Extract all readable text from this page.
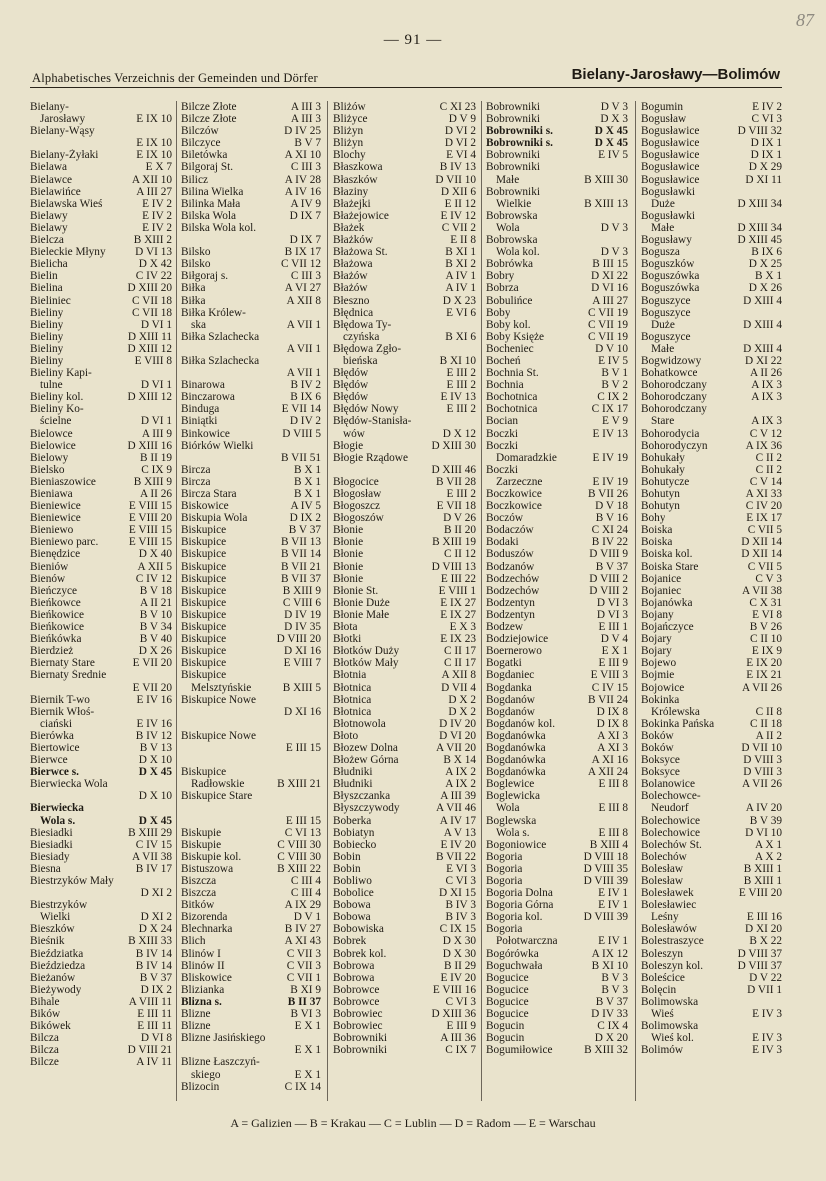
— 91 —
87
Alphabetisches Verzeichnis der Gemeinden und Dörfer	Bielany-Jarosławy—Bolimów
Bielany-
Jarosławy	E IX 10
Bielany-Wąsy
E IX 10
Bielany-Żyłaki	E IX 10
Bielawa	E X 7
Bielawce	A XII 10
Bielawińce	A III 27
Bielawska Wieś	E IV 2
Bielawy	E IV 2
Bielawy	E IV 2
Bielcza	B XIII 2
Bieleckie Młyny	D VI 13
Bielicha	D X 42
Bielin	C IV 22
Bielina	D XIII 20
Bieliniec	C VII 18
Bieliny	C VII 18
Bieliny	D VI 1
Bieliny	D XIII 11
Bieliny	D XIII 12
Bieliny	E VIII 8
Bieliny Kapi-
tulne	D VI 1
Bieliny kol.	D XIII 12
Bieliny Ko-
ścielne	D VI 1
Bielowce	A III 9
Bielowice	D XIII 16
Bielowy	B II 19
Bielsko	C IX 9
Bieniaszowice	B XIII 9
Bieniawa	A II 26
Bieniewice	E VIII 15
Bieniewice	E VIII 20
Bieniewo	E VIII 15
Bieniewo parc.	E VIII 15
Bienędzice	D X 40
Bieniów	A XII 5
Bienów	C IV 12
Bieńczyce	B V 18
Bieńkowce	A II 21
Bieńkowice	B V 10
Bieńkowice	B V 34
Bieńkówka	B V 40
Bierdzież	D X 26
Biernaty Stare	E VII 20
Biernaty Średnie
E VII 20
Biernik T-wo	E IV 16
Biernik Włoś-
ciański	E IV 16
Bierówka	B IV 12
Biertowice	B V 13
Bierwce	D X 10
Bierwce s.	D X 45
Bierwiecka Wola
D X 10
Bierwiecka
Wola s.	D X 45
Biesiadki	B XIII 29
Biesiadki	C IV 15
Biesiady	A VII 38
Biesna	B IV 17
Biestrzyków Mały
D XI 2
Biestrzyków
Wielki	D XI 2
Bieszków	D X 24
Bieśnik	B XIII 33
Bieździatka	B IV 14
Bieździedza	B IV 14
Bieżanów	B V 37
Bieżywody	D IX 2
Bihale	A VIII 11
Bików	E III 11
Bikówek	E III 11
Bilcza	D VI 8
Bilcza	D VIII 21
Bilcze	A IV 11
Bilcze Złote	A III 3
Bilcze Złote	A III 3
Bilczów	D IV 25
Bilczyce	B V 7
Biletówka	A XI 10
Bilgoraj St.	C III 3
Bilicz	A IV 28
Bilina Wielka	A IV 16
Bilinka Mała	A IV 9
Bilska Wola	D IX 7
Bilska Wola kol.
D IX 7
Bilsko	B IX 17
Bilsko	C VII 12
Biłgoraj s.	C III 3
Biłka	A VI 27
Biłka	A XII 8
Biłka Królew-
ska	A VII 1
Biłka Szlachecka
A VII 1
Biłka Szlachecka
A VII 1
Binarowa	B IV 2
Binczarowa	B IX 6
Binduga	E VII 14
Biniątki	D IV 2
Binkowice	D VIII 5
Biórków Wielki
B VII 51
Bircza	B X 1
Bircza	B X 1
Bircza Stara	B X 1
Biskowice	A IV 5
Biskupia Wola	D IX 2
Biskupice	B V 37
Biskupice	B VII 13
Biskupice	B VII 14
Biskupice	B VII 21
Biskupice	B VII 37
Biskupice	B XIII 9
Biskupice	C VIII 6
Biskupice	D IV 19
Biskupice	D IV 35
Biskupice	D VIII 20
Biskupice	D XI 16
Biskupice	E VIII 7
Biskupice
Melsztyńskie	B XIII 5
Biskupice Nowe
D XI 16

Biskupice Nowe
E III 15

Biskupice
Radłowskie	B XIII 21
Biskupice Stare

E III 15
Biskupie	C VI 13
Biskupie	C VIII 30
Biskupie kol.	C VIII 30
Bistuszowa	B XIII 22
Biszcza	C III 4
Biszcza	C III 4
Bitków	A IX 29
Bizorenda	D V 1
Blechnarka	B IV 27
Blich	A XI 43
Blinów I	C VII 3
Blinów II	C VII 3
Bliskowice	C VII 1
Blizianka	B XI 9
Blizna s.	B II 37
Blizne	B VI 3
Blizne	E X 1
Blizne Jasińskiego
E X 1
Blizne Łaszczyń-
skiego	E X 1
Blizocin	C IX 14
Bliżów	C XI 23
Bliżyce	D V 9
Bliżyn	D VI 2
Bliżyn	D VI 2
Blochy	E VI 4
Błaszkowa	B IV 13
Błaszków	D VII 10
Błaziny	D XII 6
Błażejki	E II 12
Błażejowice	E IV 12
Błażek	C VII 2
Błażków	E II 8
Błażowa St.	B XI 1
Błażowa	B XI 2
Błażów	A IV 1
Błażów	A IV 1
Błeszno	D X 23
Błędnica	E VI 6
Błędowa Ty-
czyńska	B XI 6
Błędowa Zgło-
bieńska	B XI 10
Błędów	E III 2
Błędów	E III 2
Błędów	E IV 13
Błędów Nowy	E III 2
Błędów-Stanisła-
wów	D X 12
Błogie	D XIII 30
Błogie Rządowe
D XIII 46
Błogocice	B VII 28
Błogosław	E III 2
Błogoszcz	E VII 18
Błogoszów	D V 26
Błonie	B II 20
Błonie	B XIII 19
Błonie	C II 12
Błonie	D VIII 13
Błonie	E III 22
Błonie St.	E VIII 1
Błonie Duże	E IX 27
Błonie Małe	E IX 27
Błota	E X 3
Błotki	E IX 23
Błotków Duży	C II 17
Błotków Mały	C II 17
Błotnia	A XII 8
Błotnica	D VII 4
Błotnica	D X 2
Błotnica	D X 2
Błotnowola	D IV 20
Błoto	D VI 20
Błozew Dolna	A VII 20
Błożew Górna	B X 14
Błudniki	A IX 2
Błudniki	A IX 2
Błyszczanka	A III 39
Błyszczywody	A VII 46
Boberka	A IV 17
Bobiatyn	A V 13
Bobiecko	E IV 20
Bobin	B VII 22
Bobin	E VI 3
Bobliwo	C VI 3
Bobolice	D XI 15
Bobowa	B IV 3
Bobowa	B IV 3
Bobowiska	C IX 15
Bobrek	D X 30
Bobrek kol.	D X 30
Bobrowa	B II 29
Bobrowa	E IV 20
Bobrowce	E VIII 16
Bobrowce	C VI 3
Bobrowiec	D XIII 36
Bobrowiec	E III 9
Bobrowniki	A III 36
Bobrowniki	C IX 7
Bobrowniki	D V 3
Bobrowniki	D X 3
Bobrowniki s.	D X 45
Bobrowniki s.	D X 45
Bobrowniki	E IV 5
Bobrowniki
Małe	B XIII 30
Bobrowniki
Wielkie	B XIII 13
Bobrowska
Wola	D V 3
Bobrowska
Wola kol.	D V 3
Bobrówka	B III 15
Bobry	D XI 22
Bobrza	D VI 16
Bobulińce	A III 27
Boby	C VII 19
Boby kol.	C VII 19
Boby Księże	C VII 19
Bocheniec	D V 10
Bocheń	E IV 5
Bochnia St.	B V 1
Bochnia	B V 2
Bochotnica	C IX 2
Bochotnica	C IX 17
Bocian	E V 9
Boczki	E IV 13
Boczki
Domaradzkie	E IV 19
Boczki
Zarzeczne	E IV 19
Boczkowice	B VII 26
Boczkowice	D V 18
Boczów	B V 16
Bodaczów	C XI 24
Bodaki	B IV 22
Boduszów	D VIII 9
Bodzanów	B V 37
Bodzechów	D VIII 2
Bodzechów	D VIII 2
Bodzentyn	D VI 3
Bodzentyn	D VI 3
Bodzew	E III 1
Bodziejowice	D V 4
Boernerowo	E X 1
Bogatki	E III 9
Bogdaniec	E VIII 3
Bogdanka	C IV 15
Bogdanów	B VII 24
Bogdanów	D IX 8
Bogdanów kol.	D IX 8
Bogdanówka	A XI 3
Bogdanówka	A XI 3
Bogdanówka	A XI 16
Bogdanówka	A XII 24
Boglewice	E III 8
Boglewicka
Wola	E III 8
Boglewska
Wola s.	E III 8
Bogoniowice	B XIII 4
Bogoria	D VIII 18
Bogoria	D VIII 35
Bogoria	D VIII 39
Bogoria Dolna	E IV 1
Bogoria Górna	E IV 1
Bogoria kol.	D VIII 39
Bogoria
Połotwarczna	E IV 1
Bogórówka	A IX 12
Boguchwała	B XI 10
Bogucice	B V 3
Bogucice	B V 3
Bogucice	B V 37
Bogucice	D IV 33
Bogucin	C IX 4
Bogucin	D X 20
Bogumiłowice	B XIII 32
Bogumin	E IV 2
Bogusław	C VI 3
Bogusławice	D VIII 32
Bogusławice	D IX 1
Bogusławice	D IX 1
Bogusławice	D X 29
Bogusławice	D XI 11
Bogusławki
Duże	D XIII 34
Bogusławki
Małe	D XIII 34
Bogusławy	D XIII 45
Bogusza	B IX 6
Boguszków	D X 25
Boguszówka	B X 1
Boguszówka	D X 26
Boguszyce	D XIII 4
Boguszyce
Duże	D XIII 4
Boguszyce
Małe	D XIII 4
Bogwidzowy	D XI 22
Bohatkowce	A II 26
Bohorodczany	A IX 3
Bohorodczany	A IX 3
Bohorodczany
Stare	A IX 3
Bohorodycia	C V 12
Bohorodyczyn	A IX 36
Bohukały	C II 2
Bohukały	C II 2
Bohutycze	C V 14
Bohutyn	A XI 33
Bohutyn	C IV 20
Bohy	E IX 17
Boiska	C VII 5
Boiska	D XII 14
Boiska kol.	D XII 14
Boiska Stare	C VII 5
Bojanice	C V 3
Bojaniec	A VII 38
Bojanówka	C X 31
Bojany	E VI 8
Bojańczyce	B V 26
Bojary	C II 10
Bojary	E IX 9
Bojewo	E IX 20
Bojmie	E IX 21
Bojowice	A VII 26
Bokinka
Królewska	C II 8
Bokinka Pańska	C II 18
Boków	A II 2
Boków	D VII 10
Boksyce	D VIII 3
Boksyce	D VIII 3
Bolanowice	A VII 26
Bolechowce-
Neudorf	A IV 20
Bolechowice	B V 39
Bolechowice	D VI 10
Bolechów St.	A X 1
Bolechów	A X 2
Bolesław	B XIII 1
Bolesław	B XIII 1
Bolesławek	E VIII 20
Bolesławiec
Leśny	E III 16
Bolesławów	D XI 20
Bolestraszyce	B X 22
Boleszyn	D VIII 37
Boleszyn kol.	D VIII 37
Boleścice	D V 22
Bolęcin	D VII 1
Bolimowska
Wieś	E IV 3
Bolimowska
Wieś kol.	E IV 3
Bolimów	E IV 3
A = Galizien — B = Krakau — C = Lublin — D = Radom — E = Warschau
